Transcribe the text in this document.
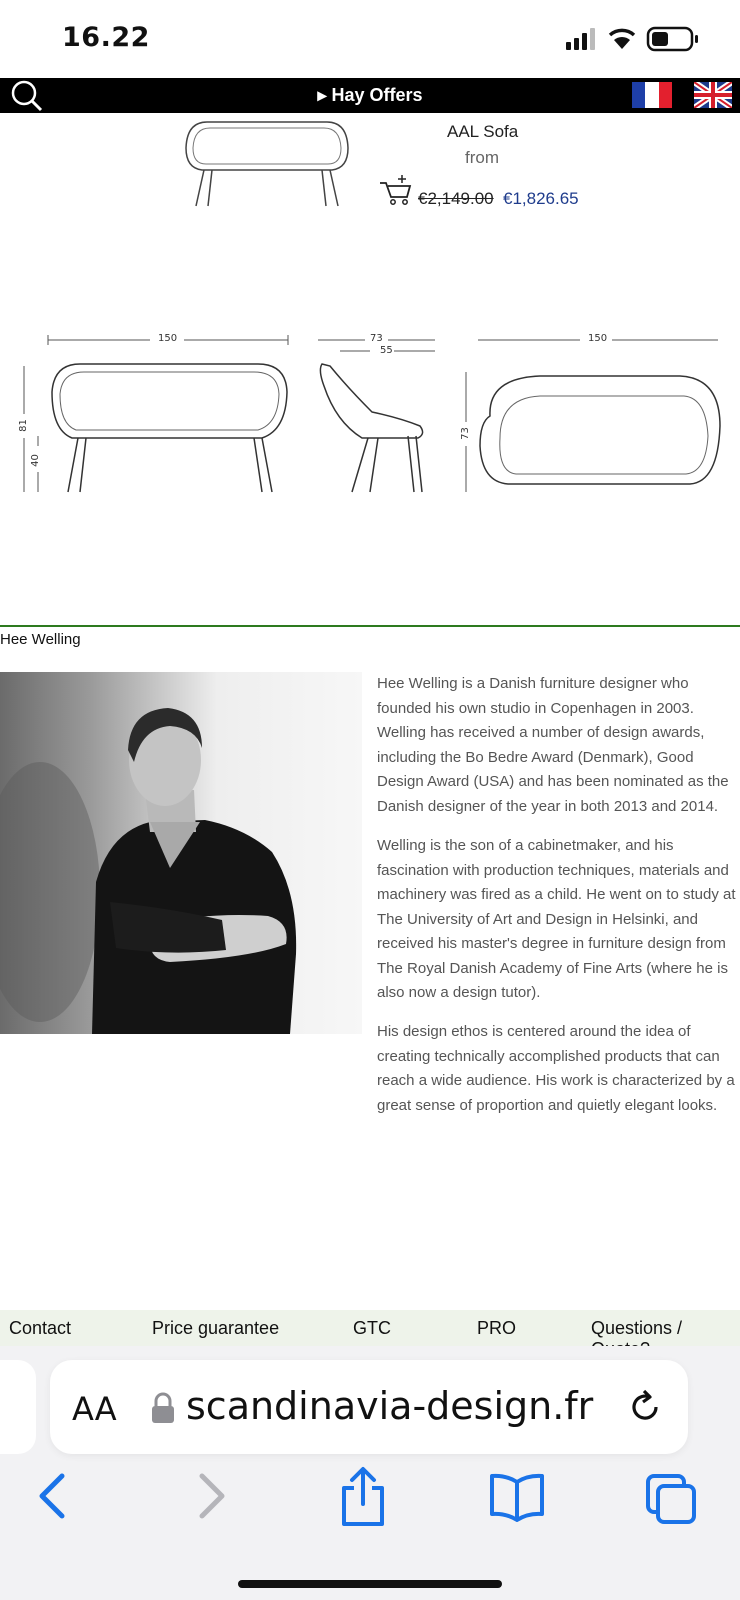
16.22
▸ Hay Offers
AAL Sofa
from
€2,149.00 €1,826.65
150
81
40
73
55
150
73
Hee Welling

Hee Welling is a Danish furniture designer who founded his own studio in Copenhagen in 2003. Welling has received a number of design awards, including the Bo Bedre Award (Denmark), Good Design Award (USA) and has been nominated as the Danish designer of the year in both 2013 and 2014.

Welling is the son of a cabinetmaker, and his fascination with production techniques, materials and machinery was fired as a child. He went on to study at The University of Art and Design in Helsinki, and received his master's degree in furniture design from The Royal Danish Academy of Fine Arts (where he is also now a design tutor).

His design ethos is centered around the idea of creating technically accomplished products that can reach a wide audience. His work is characterized by a great sense of proportion and quietly elegant looks.

Contact	Price guarantee	GTC	PRO	Questions /
AA scandinavia-design.fr
